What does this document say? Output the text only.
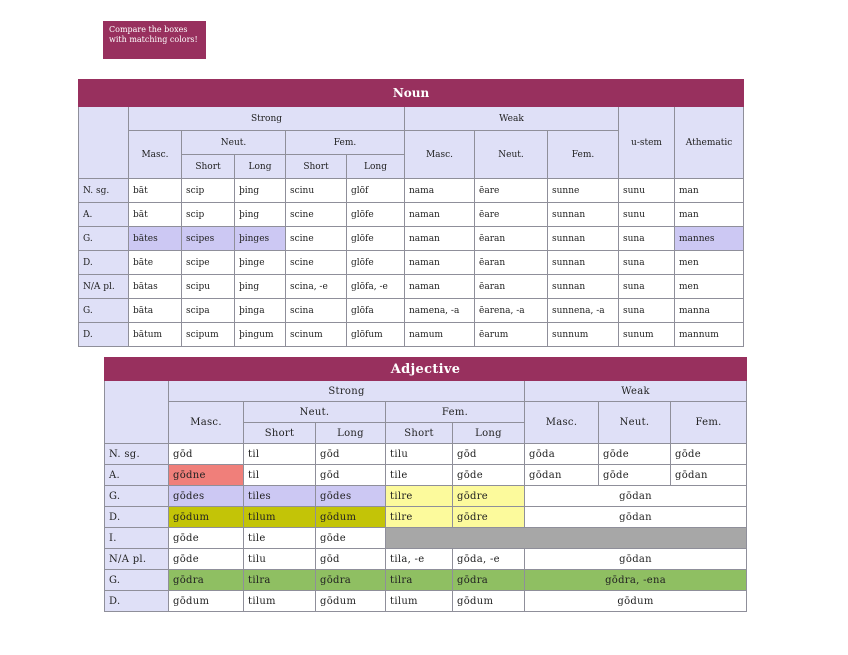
Compare the boxes
with matching colors!
Noun										
	Strong					Weak			u-stem	Athematic
	Masc.	Neut.		Fem.		Masc.	Neut.	Fem.		
		Short	Long	Short	Long					
N. sg.	bāt	scip	þing	scinu	glōf	nama	ēare	sunne	sunu	man
A.	bāt	scip	þing	scine	glōfe	naman	ēare	sunnan	sunu	man
G.	bātes	scipes	þinges	scine	glōfe	naman	ēaran	sunnan	suna	mannes
D.	bāte	scipe	þinge	scine	glōfe	naman	ēaran	sunnan	suna	men
N/A pl.	bātas	scipu	þing	scina, -e	glōfa, -e	naman	ēaran	sunnan	suna	men
G.	bāta	scipa	þinga	scina	glōfa	namena, -a	ēarena, -a	sunnena, -a	suna	manna
D.	bātum	scipum	þingum	scinum	glōfum	namum	ēarum	sunnum	sunum	mannum
Adjective								
	Strong					Weak		
	Masc.	Neut.		Fem.		Masc.	Neut.	Fem.
		Short	Long	Short	Long			
N. sg.	gōd	til	gōd	tilu	gōd	gōda	gōde	gōde
A.	gōdne	til	gōd	tile	gōde	gōdan	gōde	gōdan
G.	gōdes	tiles	gōdes	tilre	gōdre	gōdan		
D.	gōdum	tilum	gōdum	tilre	gōdre	gōdan		
I.	gōde	tile	gōde					
N/A pl.	gōde	tilu	gōd	tila, -e	gōda, -e	gōdan		
G.	gōdra	tilra	gōdra	tilra	gōdra	gōdra, -ena		
D.	gōdum	tilum	gōdum	tilum	gōdum	gōdum		
